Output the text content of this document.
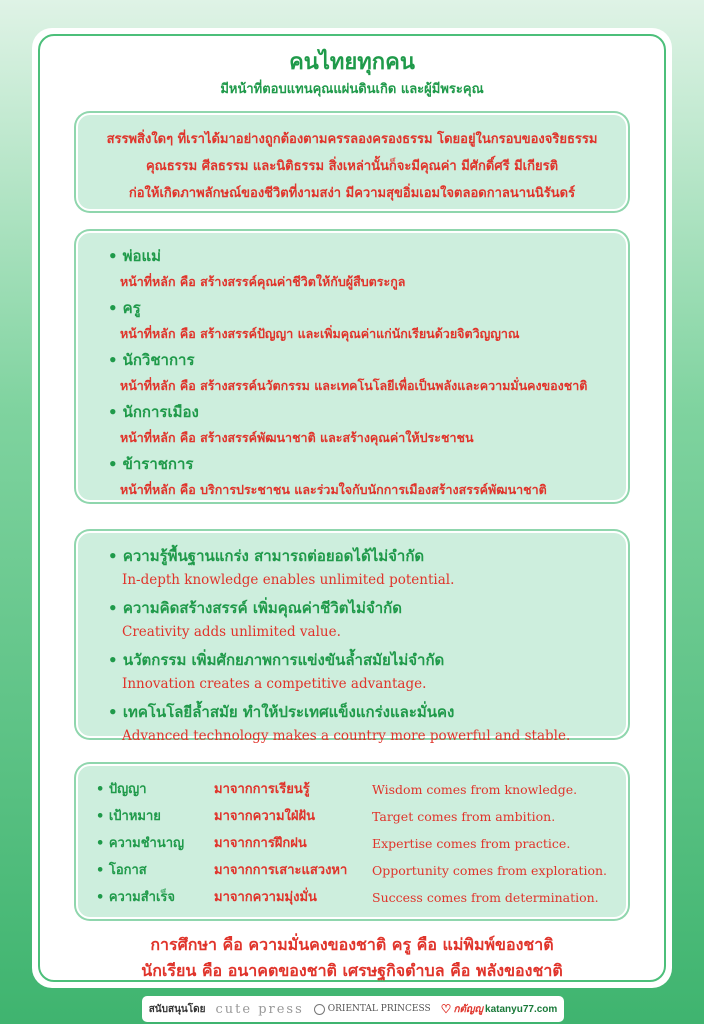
คนไทยทุกคน
มีหน้าที่ตอบแทนคุณแผ่นดินเกิด และผู้มีพระคุณ

สรรพสิ่งใดๆ ที่เราได้มาอย่างถูกต้องตามครรลองครองธรรม โดยอยู่ในกรอบของจริยธรรม

คุณธรรม ศีลธรรม และนิติธรรม สิ่งเหล่านั้นก็จะมีคุณค่า มีศักดิ์ศรี มีเกียรติ

ก่อให้เกิดภาพลักษณ์ของชีวิตที่งามสง่า มีความสุขอิ่มเอมใจตลอดกาลนานนิรันดร์

• พ่อแม่
หน้าที่หลัก คือ สร้างสรรค์คุณค่าชีวิตให้กับผู้สืบตระกูล
• ครู
หน้าที่หลัก คือ สร้างสรรค์ปัญญา และเพิ่มคุณค่าแก่นักเรียนด้วยจิตวิญญาณ
• นักวิชาการ
หน้าที่หลัก คือ สร้างสรรค์นวัตกรรม และเทคโนโลยีเพื่อเป็นพลังและความมั่นคงของชาติ
• นักการเมือง
หน้าที่หลัก คือ สร้างสรรค์พัฒนาชาติ และสร้างคุณค่าให้ประชาชน
• ข้าราชการ
หน้าที่หลัก คือ บริการประชาชน และร่วมใจกับนักการเมืองสร้างสรรค์พัฒนาชาติ
• ความรู้พื้นฐานแกร่ง สามารถต่อยอดได้ไม่จำกัด
In-depth knowledge enables unlimited potential.
• ความคิดสร้างสรรค์ เพิ่มคุณค่าชีวิตไม่จำกัด
Creativity adds unlimited value.
• นวัตกรรม เพิ่มศักยภาพการแข่งขันล้ำสมัยไม่จำกัด
Innovation creates a competitive advantage.
• เทคโนโลยีล้ำสมัย ทำให้ประเทศแข็งแกร่งและมั่นคง
Advanced technology makes a country more powerful and stable.
• ปัญญา	มาจากการเรียนรู้	Wisdom comes from knowledge.
• เป้าหมาย	มาจากความใฝ่ฝัน	Target comes from ambition.
• ความชำนาญ	มาจากการฝึกฝน	Expertise comes from practice.
• โอกาส	มาจากการเสาะแสวงหา	Opportunity comes from exploration.
• ความสำเร็จ	มาจากความมุ่งมั่น	Success comes from determination.
การศึกษา คือ ความมั่นคงของชาติ ครู คือ แม่พิมพ์ของชาติ
นักเรียน คือ อนาคตของชาติ เศรษฐกิจตำบล คือ พลังของชาติ
สนับสนุนโดย cute press	ORIENTAL PRINCESS ♡ กตัญญู katanyu77.com
